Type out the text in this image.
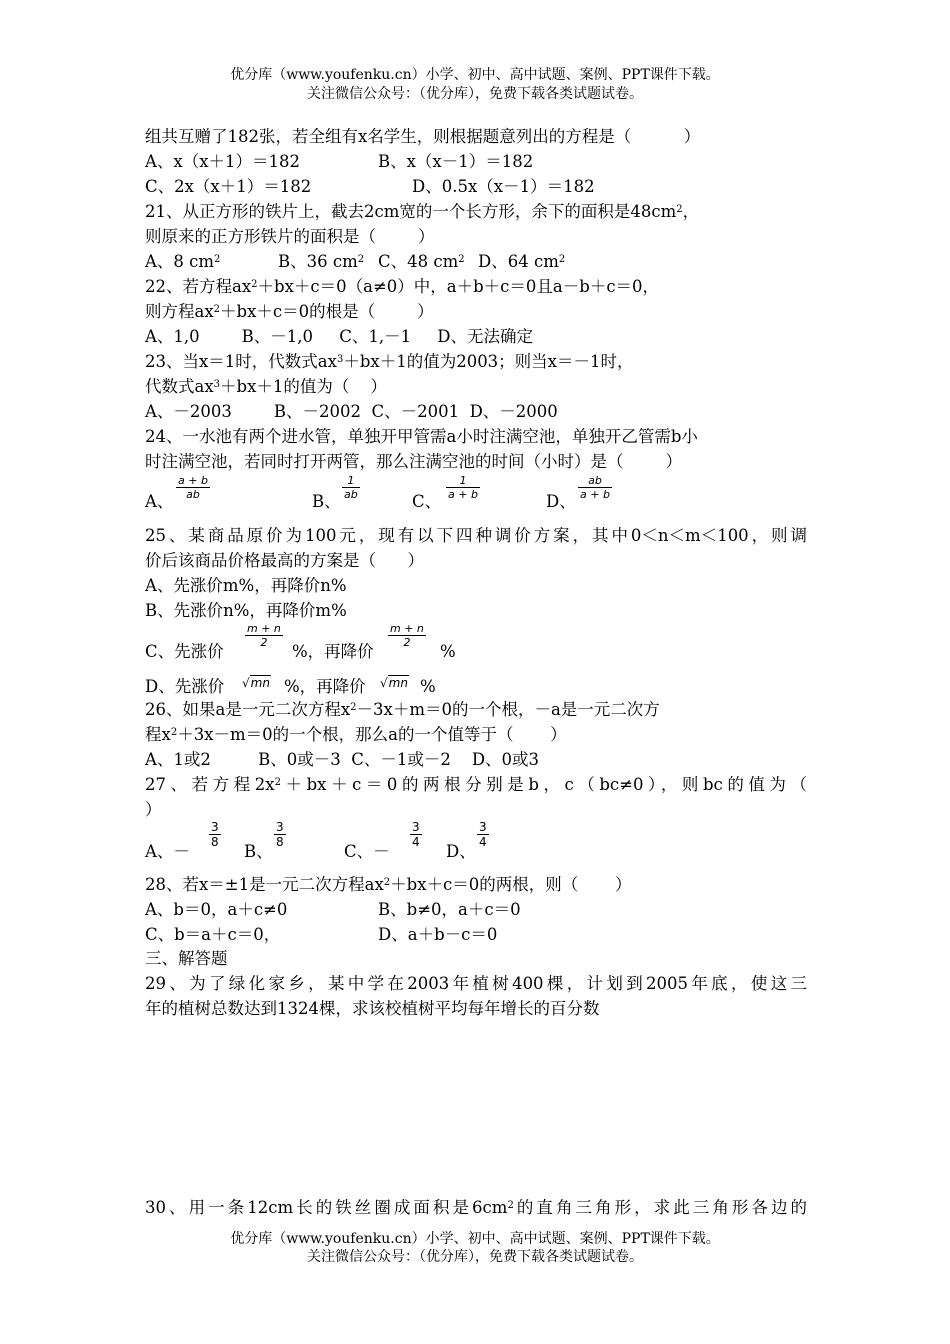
优分库（www.youfenku.cn）小学、初中、高中试题、案例、PPT课件下载。
关注微信公众号：（优分库），免费下载各类试题试卷。
组共互赠了182张，若全组有x名学生，则根据题意列出的方程是（          ）
A、x（x＋1）＝182	B、x（x－1）＝182
C、2x（x＋1）＝182	D、0.5x（x－1）＝182
21、从正方形的铁片上，截去2cm宽的一个长方形，余下的面积是$48cm^2$，
则原来的正方形铁片的面积是（        ）
A、8 $cm^2$	B、36 $cm^2$ C、48 $cm^2$ D、64 $cm^2$
22、若方程$ax^2+bx+c=0(a\ne 0)$中，a＋b＋c＝0且a－b＋c＝0，
则方程$ax^2+bx+c=0$的根是（        ）
A、1,0        B、－1,0     C、1,－1     D、无法确定
23、当x＝1时，代数式$ax^3+bx+1$的值为2003；则当x＝－1时，
代数式$ax^3+bx+1$的值为（    ）
A、－2003        B、－2002  C、－2001  D、－2000
24、一水池有两个进水管，单独开甲管需a小时注满空池，单独开乙管需b小
时注满空池，若同时打开两管，那么注满空池的时间（小时）是（        ）
A、
$\frac{a + b}{ab}$
B、
$\frac{1}{ab}$
C、
$\frac{1}{a + b}$
D、
$\frac{ab}{a + b}$
25、某商品原价为100元，现有以下四种调价方案，其中0＜n＜m＜100，则调
价后该商品价格最高的方案是（      ）
A、先涨价m%，再降价n%
B、先涨价n%，再降价m%
C、先涨价
$\frac{m + n}{2}$
%，再降价
$\frac{m + n}{2}$
%
D、先涨价 √mn %，再降价 √mn %
26、如果a是一元二次方程$x^2-3x+m=0$的一个根，－a是一元二次方
程$x^2+3x-m=0$的一个根，那么a的一个值等于（       ）
A、1或2         B、0或－3  C、－1或－2    D、0或3
27、若方程$2x^2+bx+c=0$的两根分别是b，c（bc≠0），则bc的值为（
）
A、－
$\frac{3}{8}$
B、
$\frac{3}{8}$
C、－
$\frac{3}{4}$
D、
$\frac{3}{4}$
28、若x＝±1是一元二次方程$ax^2+bx+c=0$的两根，则（       ）
A、b＝0，a＋c≠0	B、b≠0，a＋c＝0
C、b＝a＋c＝0，	D、a＋b－c＝0
三、解答题
29、为了绿化家乡，某中学在2003年植树400棵，计划到2005年底，使这三
年的植树总数达到1324棵，求该校植树平均每年增长的百分数
30、用一条12cm长的铁丝圈成面积是$6cm^2$的直角三角形，求此三角形各边的
优分库（www.youfenku.cn）小学、初中、高中试题、案例、PPT课件下载。
关注微信公众号：（优分库），免费下载各类试题试卷。
